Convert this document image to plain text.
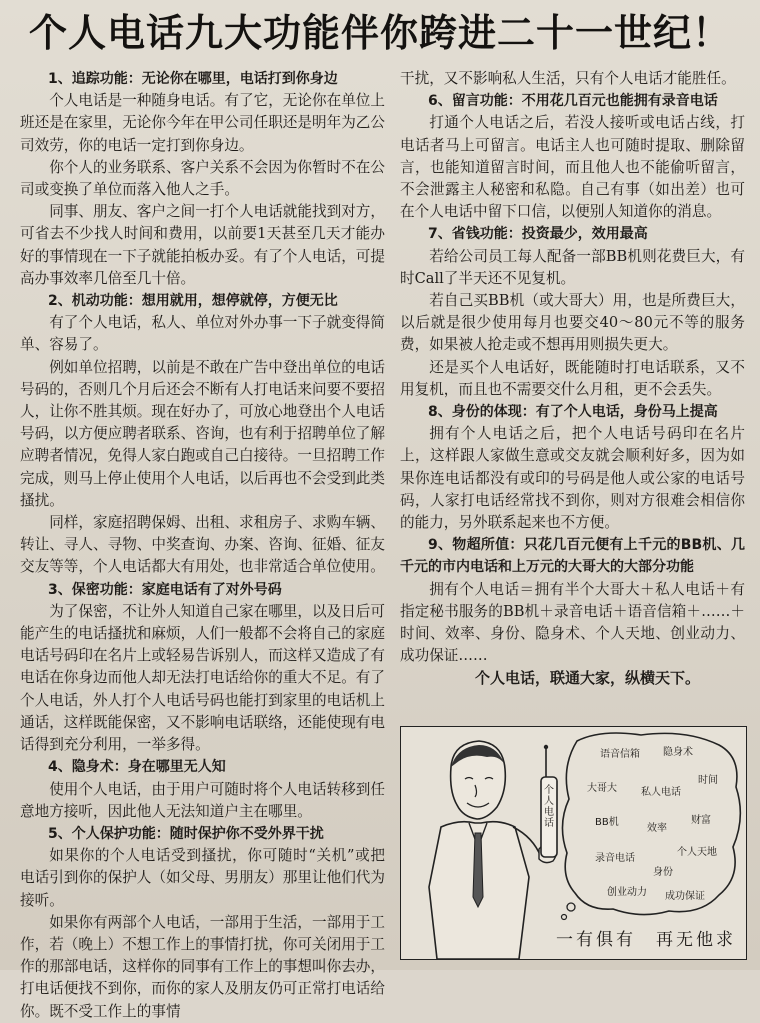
个人电话九大功能伴你跨进二十一世纪！

1、追踪功能：无论你在哪里，电话打到你身边

个人电话是一种随身电话。有了它，无论你在单位上班还是在家里，无论你今年在甲公司任职还是明年为乙公司效劳，你的电话一定打到你身边。

你个人的业务联系、客户关系不会因为你暂时不在公司或变换了单位而落入他人之手。

同事、朋友、客户之间一打个人电话就能找到对方，可省去不少找人时间和费用，以前要1天甚至几天才能办好的事情现在一下子就能拍板办妥。有了个人电话，可提高办事效率几倍至几十倍。

2、机动功能：想用就用，想停就停，方便无比

有了个人电话，私人、单位对外办事一下子就变得简单、容易了。

例如单位招聘，以前是不敢在广告中登出单位的电话号码的，否则几个月后还会不断有人打电话来问要不要招人，让你不胜其烦。现在好办了，可放心地登出个人电话号码，以方便应聘者联系、咨询，也有利于招聘单位了解应聘者情况，免得人家白跑或自己白接待。一旦招聘工作完成，则马上停止使用个人电话，以后再也不会受到此类搔扰。

同样，家庭招聘保姆、出租、求租房子、求购车辆、转让、寻人、寻物、中奖查询、办案、咨询、征婚、征友交友等等，个人电话都大有用处，也非常适合单位使用。

3、保密功能：家庭电话有了对外号码

为了保密，不让外人知道自己家在哪里，以及日后可能产生的电话搔扰和麻烦，人们一般都不会将自己的家庭电话号码印在名片上或轻易告诉别人，而这样又造成了有电话在你身边而他人却无法打电话给你的重大不足。有了个人电话，外人打个人电话号码也能打到家里的电话机上通话，这样既能保密，又不影响电话联络，还能使现有电话得到充分利用，一举多得。

4、隐身术：身在哪里无人知

使用个人电话，由于用户可随时将个人电话转移到任意地方接听，因此他人无法知道户主在哪里。

5、个人保护功能：随时保护你不受外界干扰

如果你的个人电话受到搔扰，你可随时“关机”或把电话引到你的保护人（如父母、男朋友）那里让他们代为接听。

如果你有两部个人电话，一部用于生活，一部用于工作，若（晚上）不想工作上的事情打扰，你可关闭用于工作的那部电话，这样你的同事有工作上的事想叫你去办，打电话便找不到你，而你的家人及朋友仍可正常打电话给你。既不受工作上的事情

干扰，又不影响私人生活，只有个人电话才能胜任。

6、留言功能：不用花几百元也能拥有录音电话

打通个人电话之后，若没人接听或电话占线，打电话者马上可留言。电话主人也可随时提取、删除留言，也能知道留言时间，而且他人也不能偷听留言，不会泄露主人秘密和私隐。自己有事（如出差）也可在个人电话中留下口信，以便别人知道你的消息。

7、省钱功能：投资最少，效用最高

若给公司员工每人配备一部BB机则花费巨大，有时Call了半天还不见复机。

若自己买BB机（或大哥大）用，也是所费巨大，以后就是很少使用每月也要交40～80元不等的服务费，如果被人抢走或不想再用则损失更大。

还是买个人电话好，既能随时打电话联系，又不用复机，而且也不需要交什么月租，更不会丢失。

8、身份的体现：有了个人电话，身份马上提高

拥有个人电话之后，把个人电话号码印在名片上，这样跟人家做生意或交友就会顺利好多，因为如果你连电话都没有或印的号码是他人或公家的电话号码，人家打电话经常找不到你，则对方很难会相信你的能力，另外联系起来也不方便。

9、物超所值：只花几百元便有上千元的BB机、几千元的市内电话和上万元的大哥大的大部分功能

拥有个人电话＝拥有半个大哥大＋私人电话＋有指定秘书服务的BB机＋录音电话＋语音信箱＋……＋时间、效率、身份、隐身术、个人天地、创业动力、成功保证……

个人电话，联通大家，纵横天下。

个人电话
语音信箱 隐身术
时间
大哥大 私人电话
BB机
效率
财富
个人天地
录音电话
身份
创业动力 成功保证
一有俱有　再无他求
